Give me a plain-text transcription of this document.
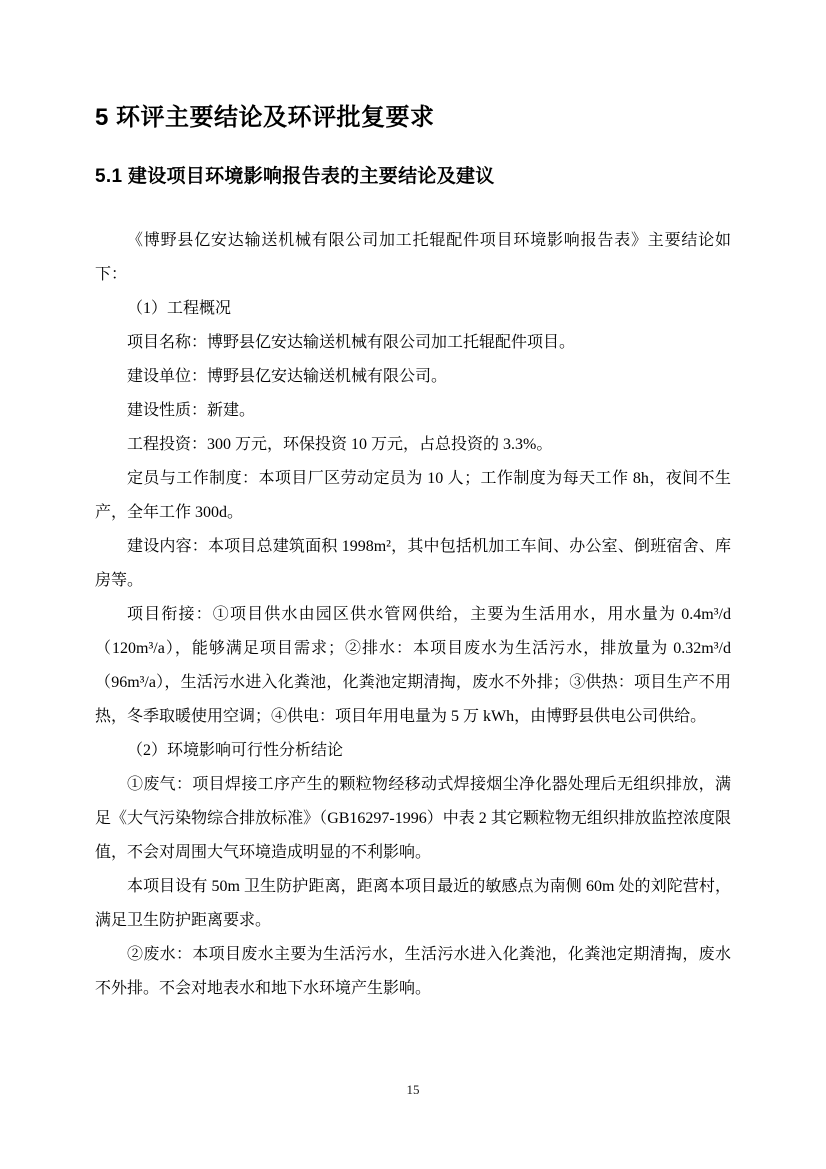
5 环评主要结论及环评批复要求
5.1 建设项目环境影响报告表的主要结论及建议

《博野县亿安达输送机械有限公司加工托辊配件项目环境影响报告表》主要结论如下：

（1）工程概况

项目名称：博野县亿安达输送机械有限公司加工托辊配件项目。

建设单位：博野县亿安达输送机械有限公司。

建设性质：新建。

工程投资：300 万元，环保投资 10 万元，占总投资的 3.3%。

定员与工作制度：本项目厂区劳动定员为 10 人；工作制度为每天工作 8h，夜间不生产，全年工作 300d。

建设内容：本项目总建筑面积 1998m²，其中包括机加工车间、办公室、倒班宿舍、库房等。

项目衔接：①项目供水由园区供水管网供给，主要为生活用水，用水量为 0.4m³/d（120m³/a），能够满足项目需求；②排水：本项目废水为生活污水，排放量为 0.32m³/d（96m³/a），生活污水进入化粪池，化粪池定期清掏，废水不外排；③供热：项目生产不用热，冬季取暖使用空调；④供电：项目年用电量为 5 万 kWh，由博野县供电公司供给。

（2）环境影响可行性分析结论

①废气：项目焊接工序产生的颗粒物经移动式焊接烟尘净化器处理后无组织排放，满足《大气污染物综合排放标准》（GB16297-1996）中表 2 其它颗粒物无组织排放监控浓度限值，不会对周围大气环境造成明显的不利影响。

本项目设有 50m 卫生防护距离，距离本项目最近的敏感点为南侧 60m 处的刘陀营村，满足卫生防护距离要求。

②废水：本项目废水主要为生活污水，生活污水进入化粪池，化粪池定期清掏，废水不外排。不会对地表水和地下水环境产生影响。

15
